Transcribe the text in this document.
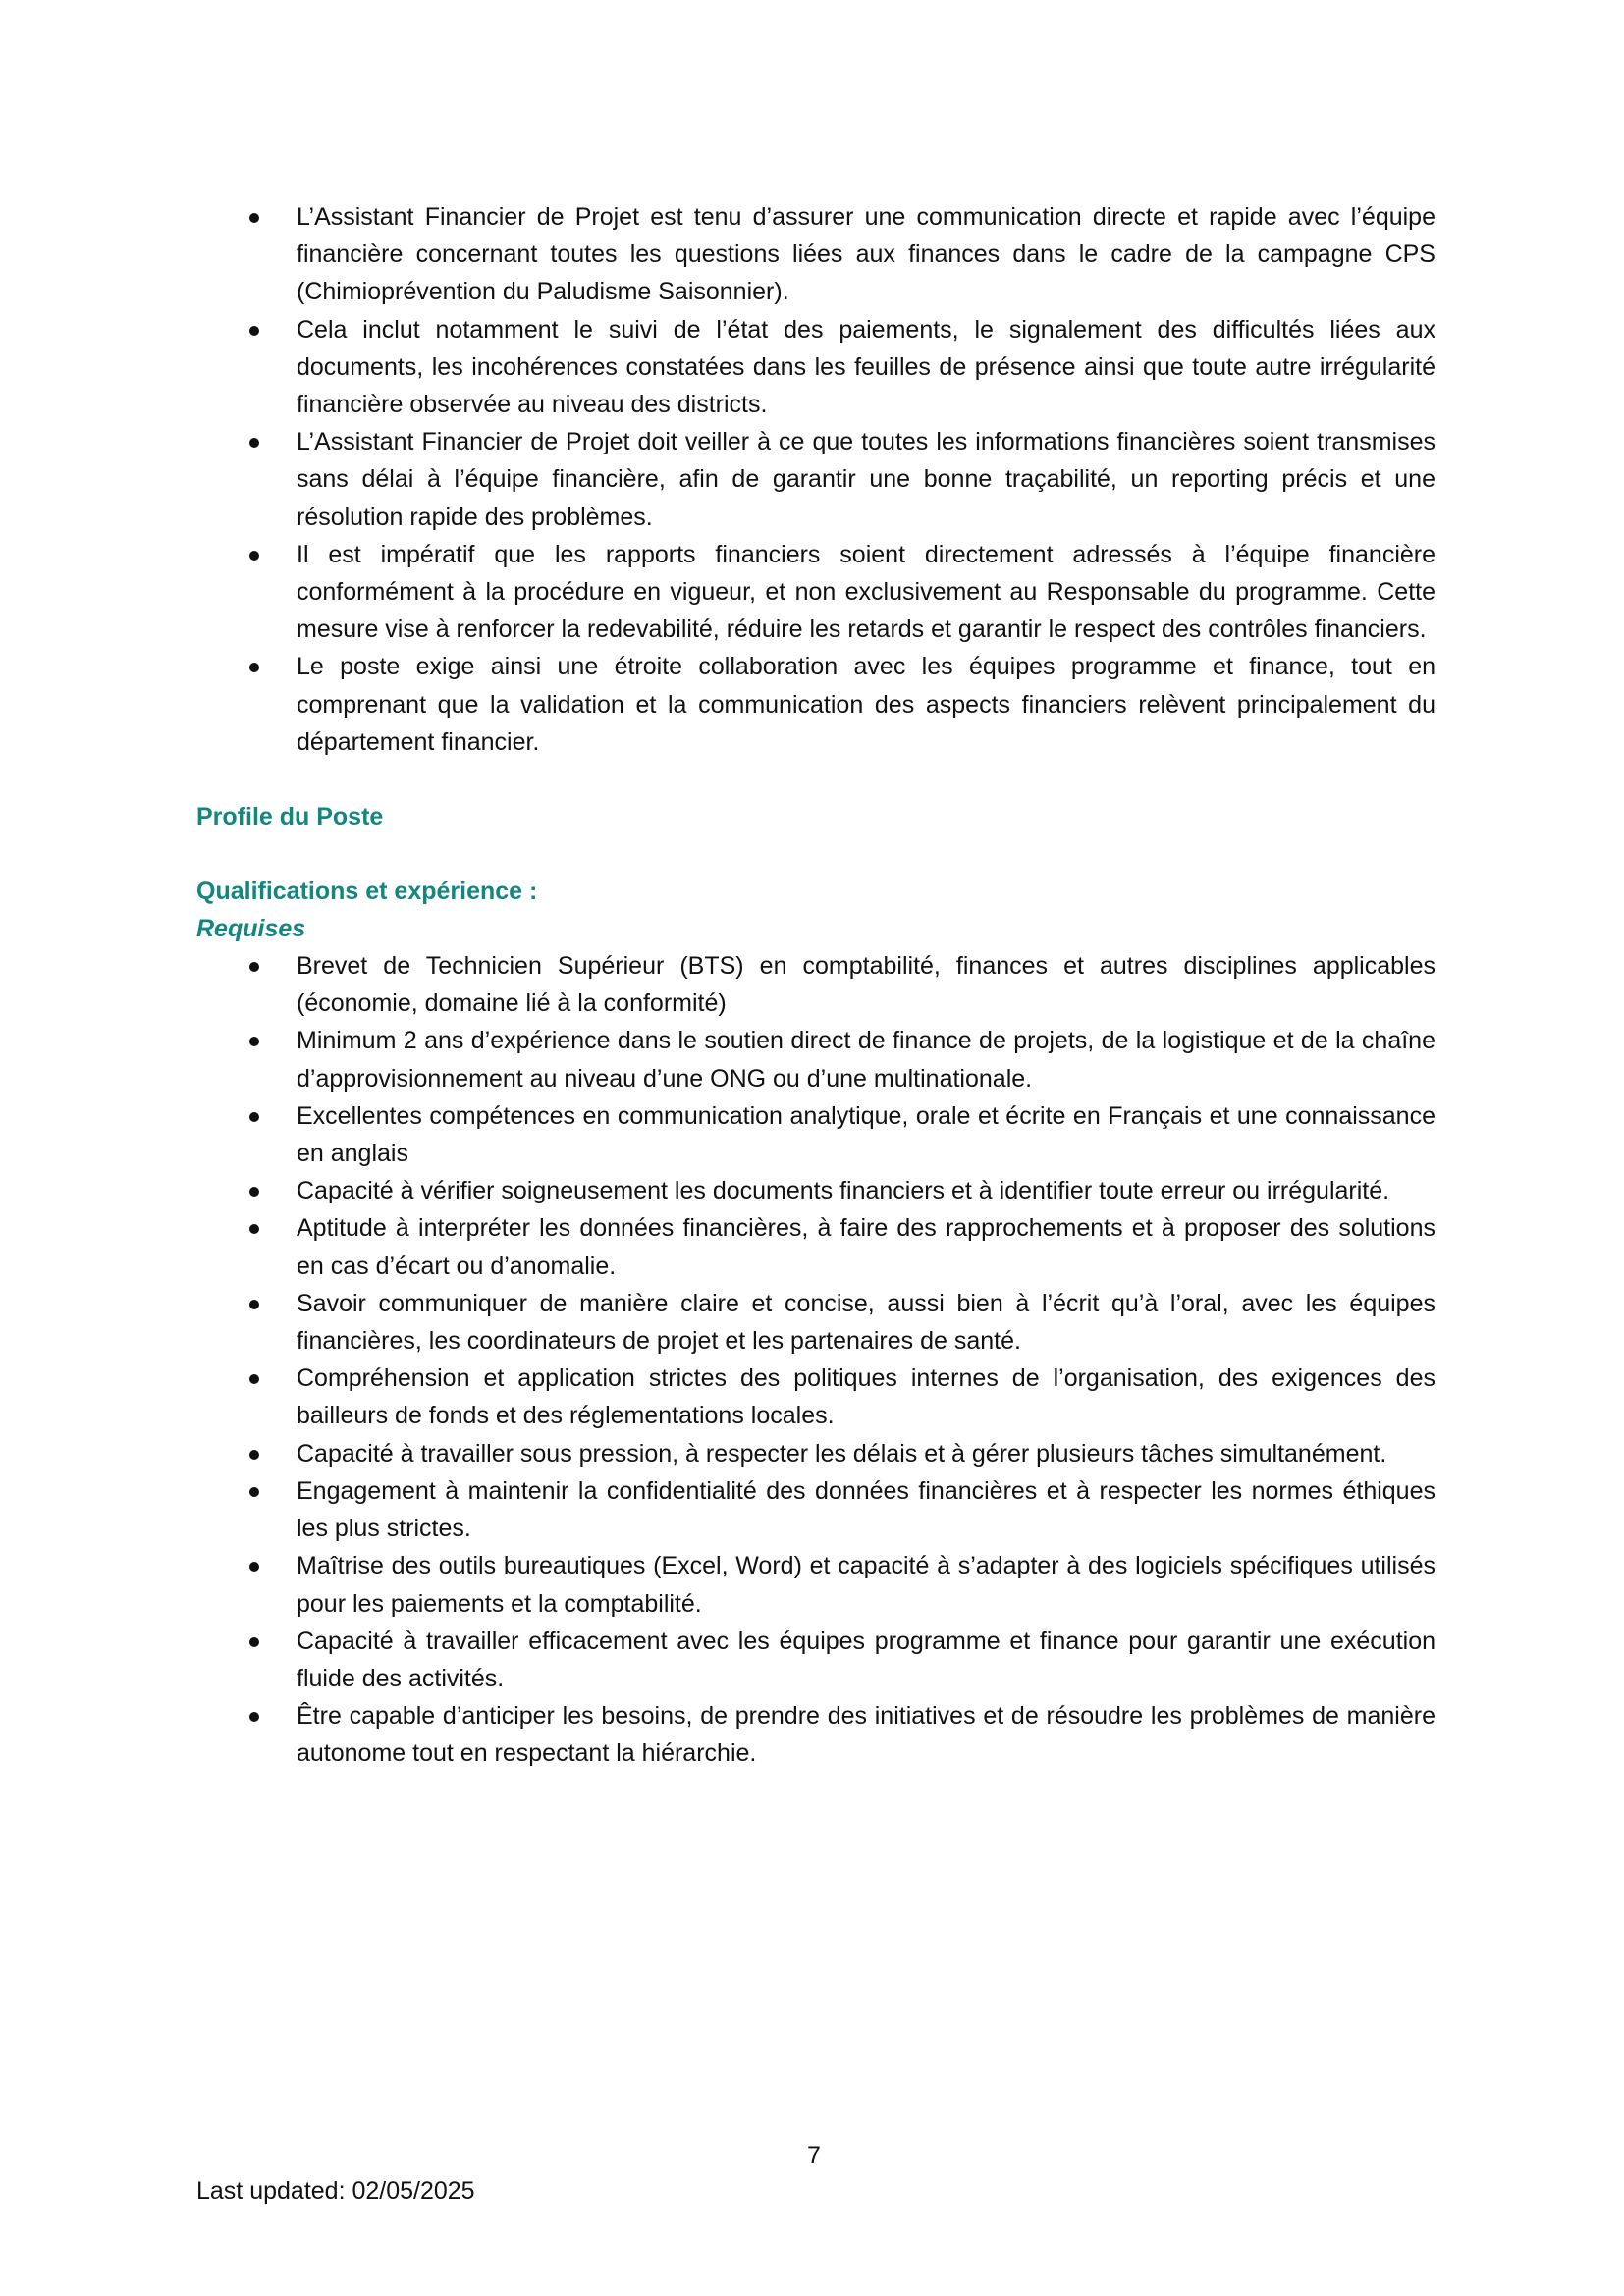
L’Assistant Financier de Projet est tenu d’assurer une communication directe et rapide avec l’équipe financière concernant toutes les questions liées aux finances dans le cadre de la campagne CPS (Chimioprévention du Paludisme Saisonnier).
Cela inclut notamment le suivi de l’état des paiements, le signalement des difficultés liées aux documents, les incohérences constatées dans les feuilles de présence ainsi que toute autre irrégularité financière observée au niveau des districts.
L’Assistant Financier de Projet doit veiller à ce que toutes les informations financières soient transmises sans délai à l’équipe financière, afin de garantir une bonne traçabilité, un reporting précis et une résolution rapide des problèmes.
Il est impératif que les rapports financiers soient directement adressés à l’équipe financière conformément à la procédure en vigueur, et non exclusivement au Responsable du programme. Cette mesure vise à renforcer la redevabilité, réduire les retards et garantir le respect des contrôles financiers.
Le poste exige ainsi une étroite collaboration avec les équipes programme et finance, tout en comprenant que la validation et la communication des aspects financiers relèvent principalement du département financier.
Profile du Poste
Qualifications et expérience :
Requises
Brevet de Technicien Supérieur (BTS) en comptabilité, finances et autres disciplines applicables (économie, domaine lié à la conformité)
Minimum 2 ans d’expérience dans le soutien direct de finance de projets, de la logistique et de la chaîne d’approvisionnement au niveau d’une ONG ou d’une multinationale.
Excellentes compétences en communication analytique, orale et écrite en Français et une connaissance en anglais
Capacité à vérifier soigneusement les documents financiers et à identifier toute erreur ou irrégularité.
Aptitude à interpréter les données financières, à faire des rapprochements et à proposer des solutions en cas d’écart ou d’anomalie.
Savoir communiquer de manière claire et concise, aussi bien à l’écrit qu’à l’oral, avec les équipes financières, les coordinateurs de projet et les partenaires de santé.
Compréhension et application strictes des politiques internes de l’organisation, des exigences des bailleurs de fonds et des réglementations locales.
Capacité à travailler sous pression, à respecter les délais et à gérer plusieurs tâches simultanément.
Engagement à maintenir la confidentialité des données financières et à respecter les normes éthiques les plus strictes.
Maîtrise des outils bureautiques (Excel, Word) et capacité à s’adapter à des logiciels spécifiques utilisés pour les paiements et la comptabilité.
Capacité à travailler efficacement avec les équipes programme et finance pour garantir une exécution fluide des activités.
Être capable d’anticiper les besoins, de prendre des initiatives et de résoudre les problèmes de manière autonome tout en respectant la hiérarchie.
7
Last updated: 02/05/2025
